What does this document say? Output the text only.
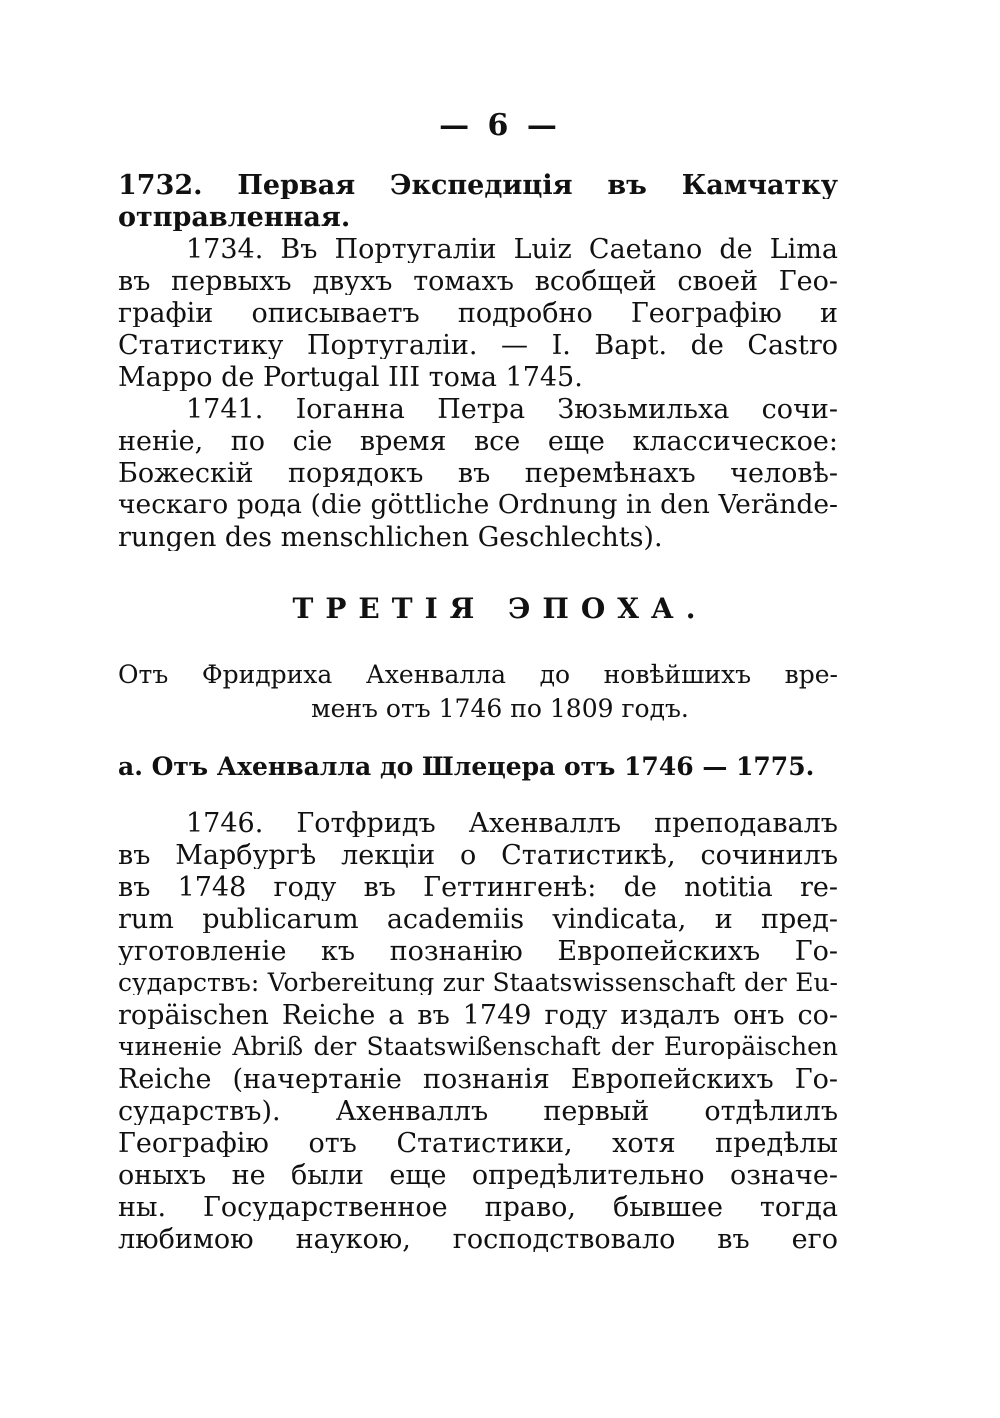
— 6 —
1732. Первая Экспедиція въ Камчатку
отправленная.
1734. Въ Португаліи Luiz Caetano de Lima
въ первыхъ двухъ томахъ всобщей своей Гео-
графіи описываетъ подробно Географію и
Статистику Португаліи. — I. Bapt. de Castro
Mappo de Portugal III тома 1745.
1741. Іоганна Петра Зюзьмильха сочи-
неніе, по сіе время все еще классическое:
Божескій порядокъ въ перемѣнахъ человѣ-
ческаго рода (die göttliche Ordnung in den Verände-
rungen des menschlichen Geschlechts).
ТРЕТІЯ ЭПОХА.
Отъ Фридриха Ахенвалла до новѣйшихъ вре-
менъ отъ 1746 по 1809 годъ.
a. Отъ Ахенвалла до Шлецера отъ 1746 — 1775.
1746. Готфридъ Ахенваллъ преподавалъ
въ Марбургѣ лекціи о Статистикѣ, сочинилъ
въ 1748 году въ Геттингенѣ: de notitia re-
rum publicarum academiis vindicata, и пред-
уготовленіе къ познанію Европейскихъ Го-
сударствъ: Vorbereitung zur Staatswissenschaft der Eu-
ropäischen Reiche а въ 1749 году издалъ онъ со-
чиненіе Abriß der Staatswißenschaft der Europäischen
Reiche (начертаніе познанія Европейскихъ Го-
сударствъ). Ахенваллъ первый отдѣлилъ
Географію отъ Статистики, хотя предѣлы
оныхъ не были еще опредѣлительно означе-
ны. Государственное право, бывшее тогда
любимою наукою, господствовало въ его
